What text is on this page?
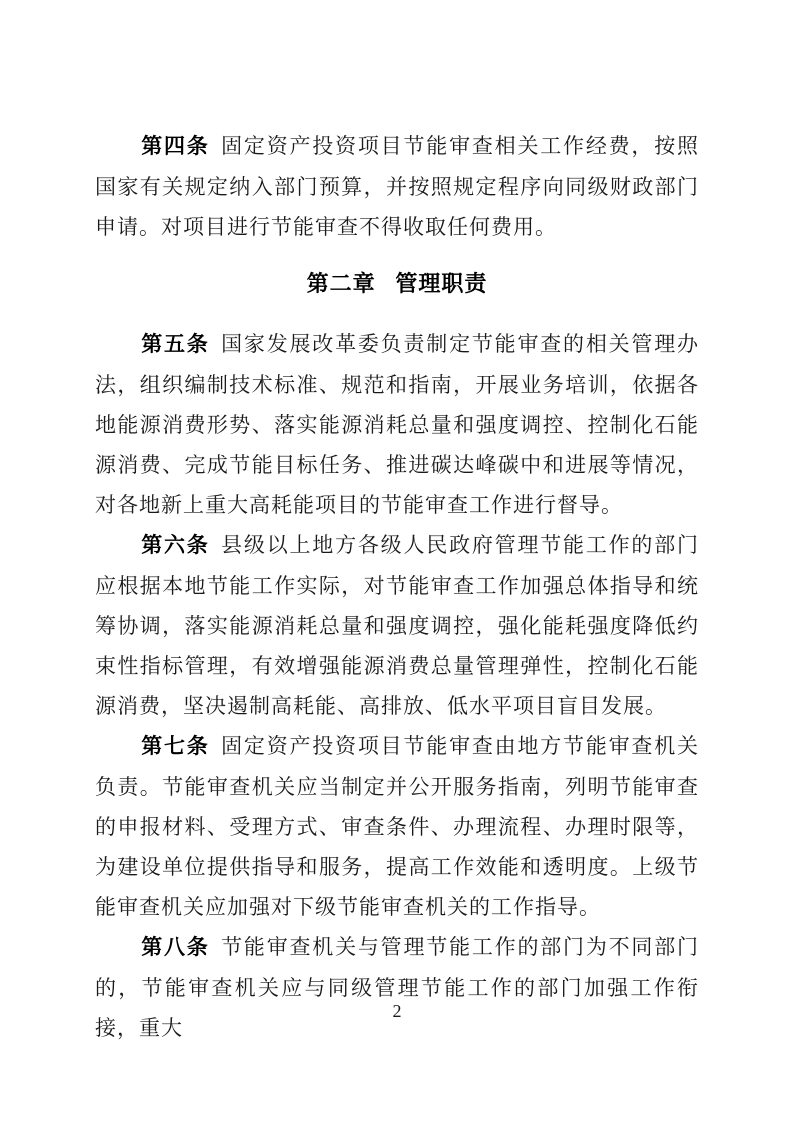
第四条 固定资产投资项目节能审查相关工作经费，按照国家有关规定纳入部门预算，并按照规定程序向同级财政部门申请。对项目进行节能审查不得收取任何费用。

第二章 管理职责

第五条 国家发展改革委负责制定节能审查的相关管理办法，组织编制技术标准、规范和指南，开展业务培训，依据各地能源消费形势、落实能源消耗总量和强度调控、控制化石能源消费、完成节能目标任务、推进碳达峰碳中和进展等情况，对各地新上重大高耗能项目的节能审查工作进行督导。

第六条 县级以上地方各级人民政府管理节能工作的部门应根据本地节能工作实际，对节能审查工作加强总体指导和统筹协调，落实能源消耗总量和强度调控，强化能耗强度降低约束性指标管理，有效增强能源消费总量管理弹性，控制化石能源消费，坚决遏制高耗能、高排放、低水平项目盲目发展。

第七条 固定资产投资项目节能审查由地方节能审查机关负责。节能审查机关应当制定并公开服务指南，列明节能审查的申报材料、受理方式、审查条件、办理流程、办理时限等，为建设单位提供指导和服务，提高工作效能和透明度。上级节能审查机关应加强对下级节能审查机关的工作指导。

第八条 节能审查机关与管理节能工作的部门为不同部门的，节能审查机关应与同级管理节能工作的部门加强工作衔接，重大

2
